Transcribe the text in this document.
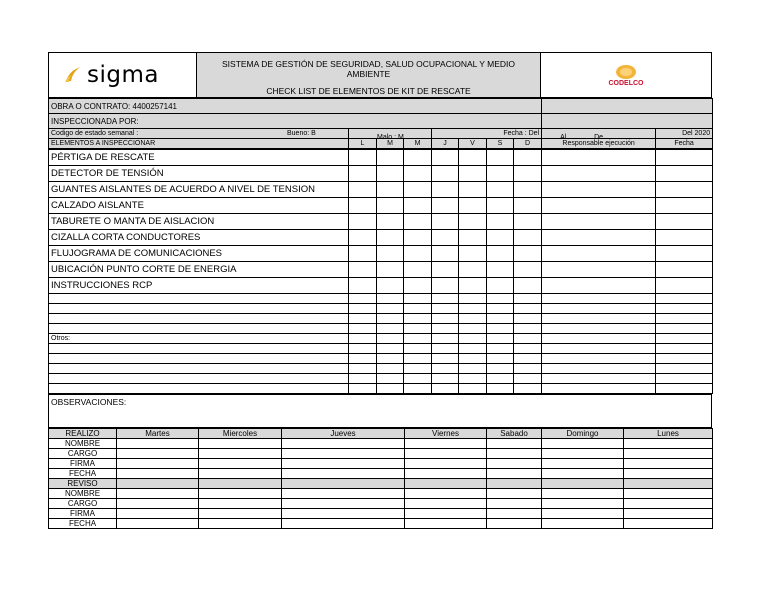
sigma	SISTEMA DE GESTIÓN DE SEGURIDAD, SALUD OCUPACIONAL Y MEDIO AMBIENTE
CHECK LIST DE ELEMENTOS DE KIT DE RESCATE
CODELCO
OBRA O CONTRATO: 4400257141									
INSPECCIONADA POR:									
Codigo de estado semanal : Bueno: B	Malo : M			Fecha : Del				Al De	Del 2020
ELEMENTOS A INSPECCIONAR	L	M	M	J	V	S	D	Responsable ejecución	Fecha
PÉRTIGA DE RESCATE									
DETECTOR DE TENSIÓN									
GUANTES AISLANTES DE ACUERDO A NIVEL DE TENSION									
CALZADO AISLANTE									
TABURETE O MANTA DE AISLACION									
CIZALLA CORTA CONDUCTORES									
FLUJOGRAMA DE COMUNICACIONES									
UBICACIÓN PUNTO CORTE DE ENERGIA									
INSTRUCCIONES RCP									

Otros:									

OBSERVACIONES:
REALIZO	Martes	Miercoles	Jueves	Viernes	Sabado	Domingo	Lunes
NOMBRE							
CARGO							
FIRMA							
FECHA							
REVISO							
NOMBRE							
CARGO							
FIRMA							
FECHA							
